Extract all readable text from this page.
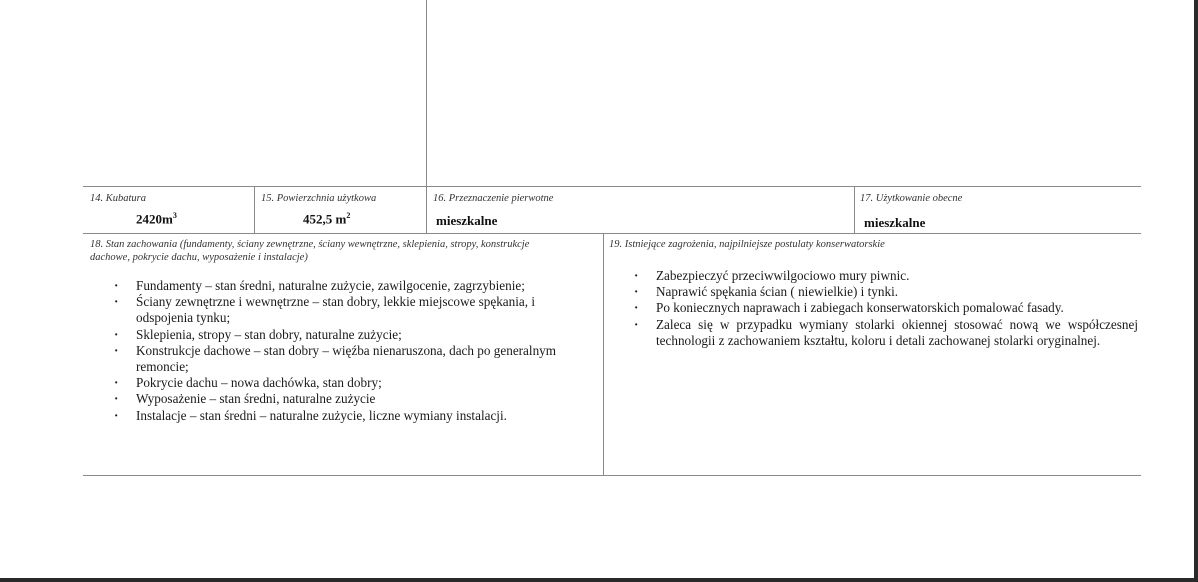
14. Kubatura
$2420m^3$
15. Powierzchnia użytkowa
452,5 $m^2$
16. Przeznaczenie pierwotne
mieszkalne
17. Użytkowanie obecne
mieszkalne
18. Stan zachowania (fundamenty, ściany zewnętrzne, ściany wewnętrzne, sklepienia, stropy, konstrukcje
dachowe, pokrycie dachu, wyposażenie i instalacje)
· Fundamenty – stan średni, naturalne zużycie, zawilgocenie, zagrzybienie;
· Ściany zewnętrzne i wewnętrzne – stan dobry, lekkie miejscowe spękania, i odspojenia tynku;
· Sklepienia, stropy – stan dobry, naturalne zużycie;
· Konstrukcje dachowe – stan dobry – więźba nienaruszona, dach po generalnym remoncie;
· Pokrycie dachu – nowa dachówka, stan dobry;
· Wyposażenie – stan średni, naturalne zużycie
· Instalacje – stan średni – naturalne zużycie, liczne wymiany instalacji.
19. Istniejące zagrożenia, najpilniejsze postulaty konserwatorskie
· Zabezpieczyć przeciwwilgociowo mury piwnic.
· Naprawić spękania ścian ( niewielkie) i tynki.
· Po koniecznych naprawach i zabiegach konserwatorskich pomalować fasady.
· Zaleca się w przypadku wymiany stolarki okiennej stosować nową we współczesnej technologii z zachowaniem kształtu, koloru i detali zachowanej stolarki oryginalnej.
